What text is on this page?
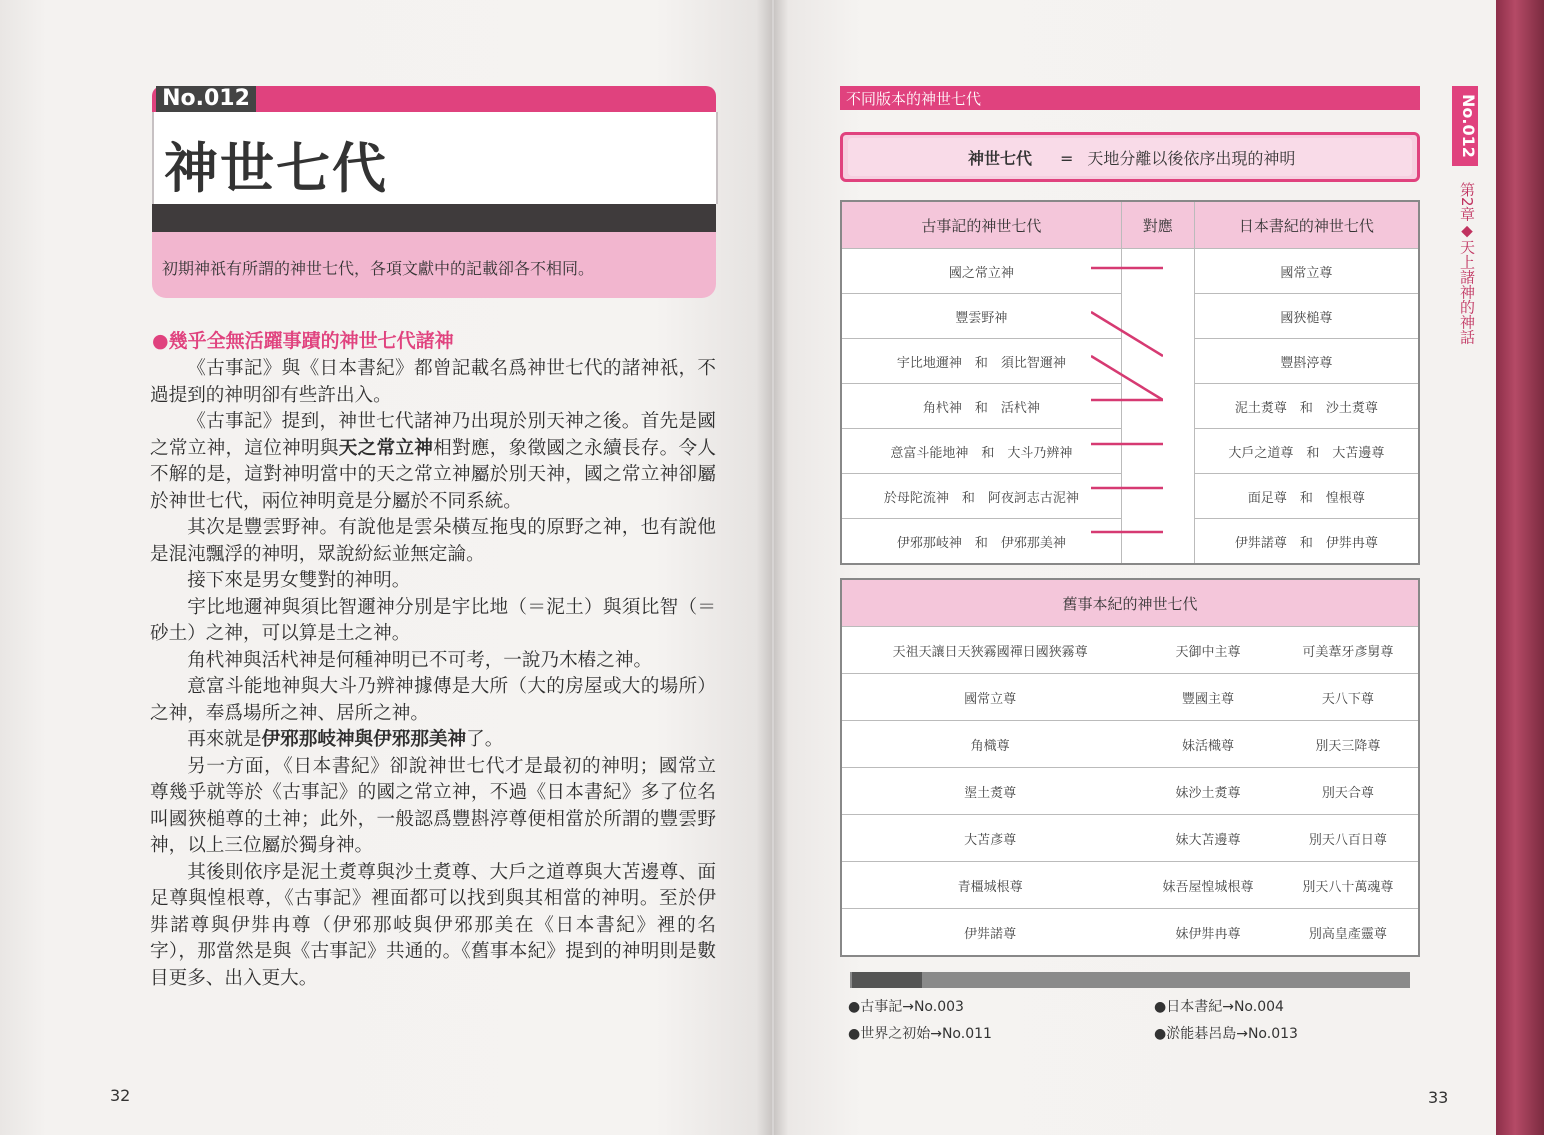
No.012
神世七代
初期神祇有所謂的神世七代，各項文獻中的記載卻各不相同。
●幾乎全無活躍事蹟的神世七代諸神

《古事記》與《日本書紀》都曾記載名爲神世七代的諸神祇，不過提到的神明卻有些許出入。

《古事記》提到，神世七代諸神乃出現於別天神之後。首先是國之常立神，這位神明與天之常立神相對應，象徵國之永續長存。令人不解的是，這對神明當中的天之常立神屬於別天神，國之常立神卻屬於神世七代，兩位神明竟是分屬於不同系統。

其次是豐雲野神。有說他是雲朵橫亙拖曳的原野之神，也有說他是混沌飄浮的神明，眾說紛紜並無定論。

接下來是男女雙對的神明。

宇比地邇神與須比智邇神分別是宇比地（＝泥土）與須比智（＝砂土）之神，可以算是土之神。

角杙神與活杙神是何種神明已不可考，一說乃木樁之神。

意富斗能地神與大斗乃辨神據傳是大所（大的房屋或大的場所）之神，奉爲場所之神、居所之神。

再來就是伊邪那岐神與伊邪那美神了。

另一方面，《日本書紀》卻說神世七代才是最初的神明；國常立尊幾乎就等於《古事記》的國之常立神，不過《日本書紀》多了位名叫國狹槌尊的土神；此外，一般認爲豐斟渟尊便相當於所謂的豐雲野神，以上三位屬於獨身神。

其後則依序是泥土煑尊與沙土煑尊、大戶之道尊與大苫邊尊、面足尊與惶根尊，《古事記》裡面都可以找到與其相當的神明。至於伊弉諾尊與伊弉冉尊（伊邪那岐與伊邪那美在《日本書紀》裡的名字），那當然是與《古事記》共通的。《舊事本紀》提到的神明則是數目更多、出入更大。

32
不同版本的神世七代
神世七代 = 天地分離以後依序出現的神明
古事記的神世七代	對應	日本書紀的神世七代
國之常立神		國常立尊
豐雲野神		國狹槌尊
宇比地邇神　和　須比智邇神		豐斟渟尊
角杙神　和　活杙神		泥土煑尊　和　沙土煑尊
意富斗能地神　和　大斗乃辨神		大戶之道尊　和　大苫邊尊
於母陀流神　和　阿夜訶志古泥神		面足尊　和　惶根尊
伊邪那岐神　和　伊邪那美神		伊弉諾尊　和　伊弉冉尊
舊事本紀的神世七代		
天祖天讓日天狹霧國禪日國狹霧尊	天御中主尊	可美葦牙彥舅尊
國常立尊	豐國主尊	天八下尊
角樴尊	妹活樴尊	別天三降尊
埿土煑尊	妹沙土煑尊	別天合尊
大苫彥尊	妹大苫邊尊	別天八百日尊
青橿城根尊	妹吾屋惶城根尊	別天八十萬魂尊
伊弉諾尊	妹伊弉冉尊	別高皇產靈尊
●古事記→No.003	●日本書紀→No.004
●世界之初始→No.011	●淤能碁呂島→No.013
No.012
第2章◆天上諸神的神話
33
